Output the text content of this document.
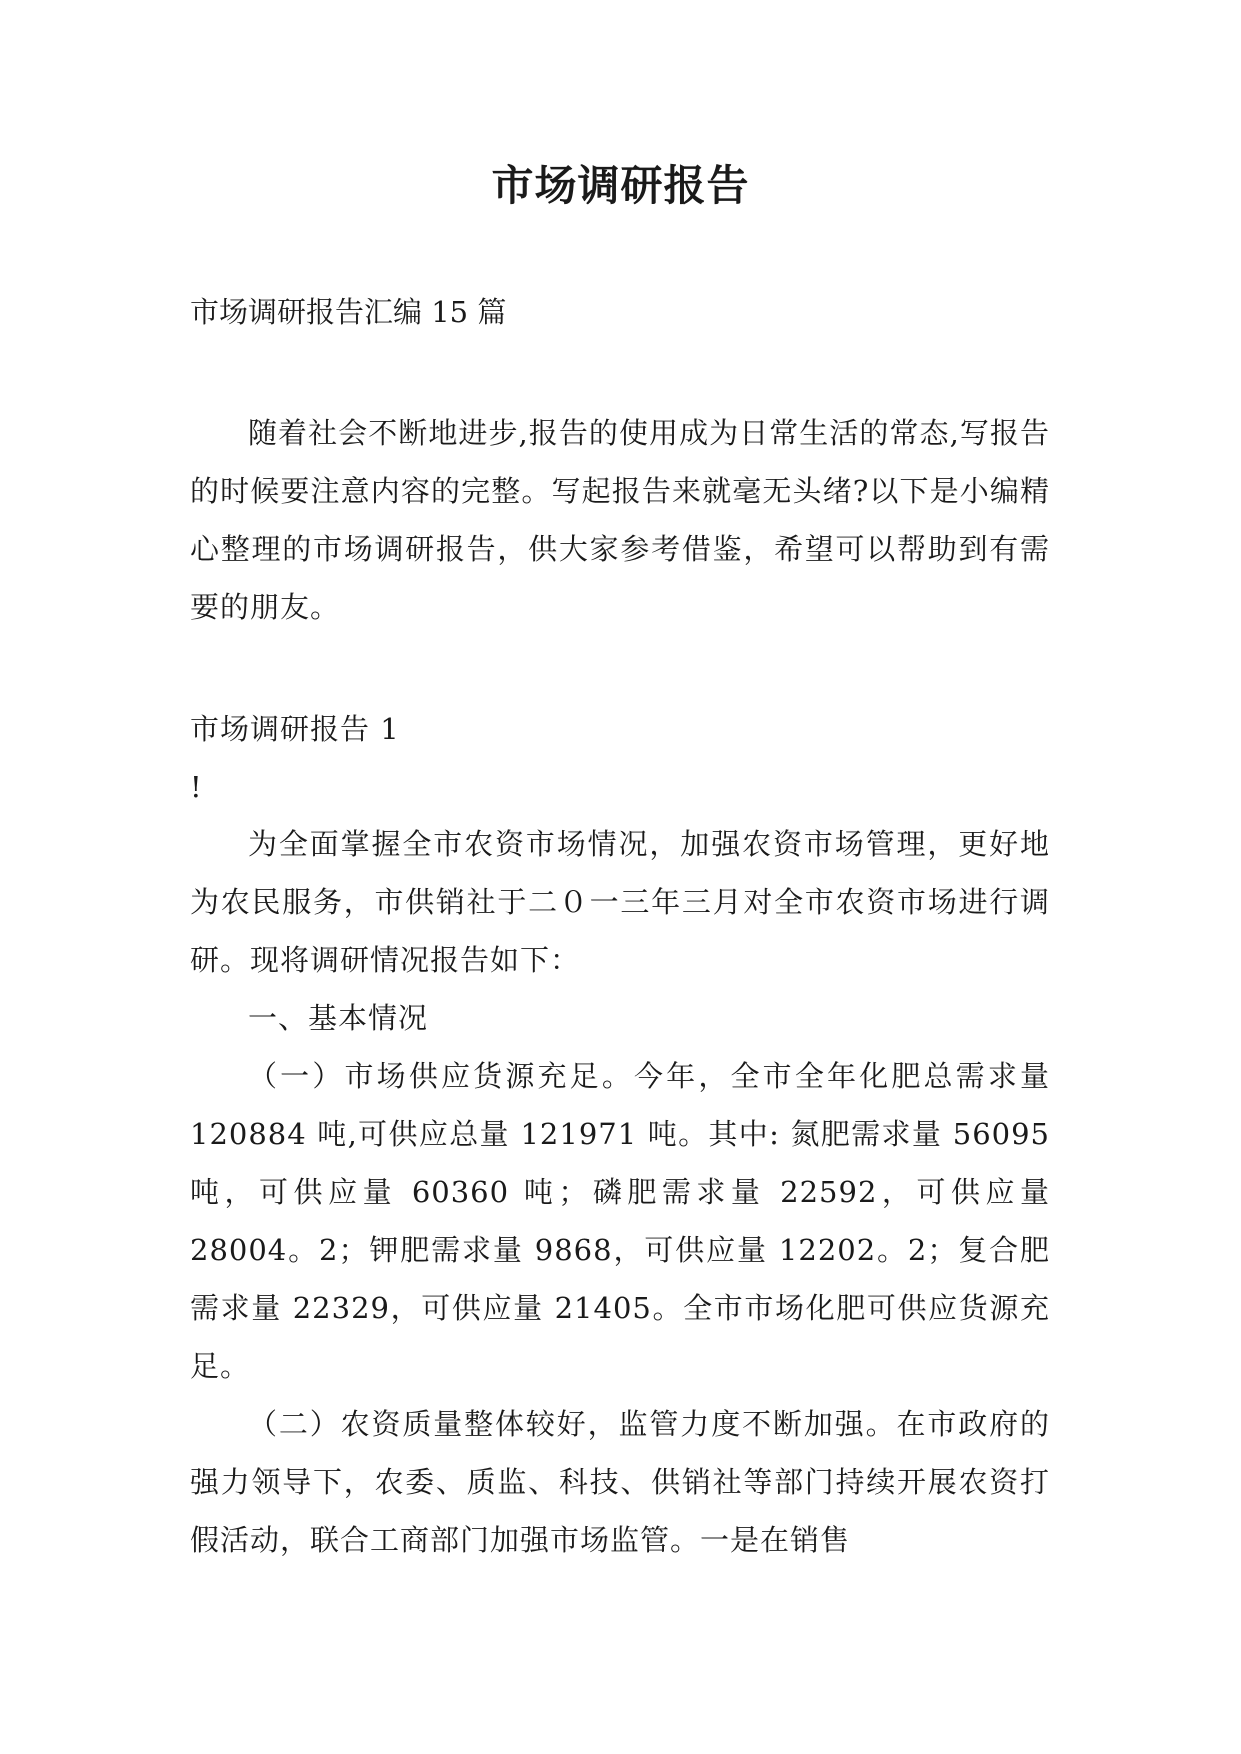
市场调研报告
市场调研报告汇编 15 篇

随着社会不断地进步,报告的使用成为日常生活的常态,写报告的时候要注意内容的完整。写起报告来就毫无头绪?以下是小编精心整理的市场调研报告，供大家参考借鉴，希望可以帮助到有需要的朋友。

市场调研报告 1

!

为全面掌握全市农资市场情况，加强农资市场管理，更好地为农民服务，市供销社于二０一三年三月对全市农资市场进行调研。现将调研情况报告如下：

一、基本情况

（一）市场供应货源充足。今年，全市全年化肥总需求量 120884 吨,可供应总量 121971 吨。其中: 氮肥需求量 56095吨，可供应量 60360 吨；磷肥需求量 22592，可供应量28004。2；钾肥需求量 9868，可供应量 12202。2；复合肥需求量 22329，可供应量 21405。全市市场化肥可供应货源充足。

（二）农资质量整体较好，监管力度不断加强。在市政府的强力领导下，农委、质监、科技、供销社等部门持续开展农资打假活动，联合工商部门加强市场监管。一是在销售
